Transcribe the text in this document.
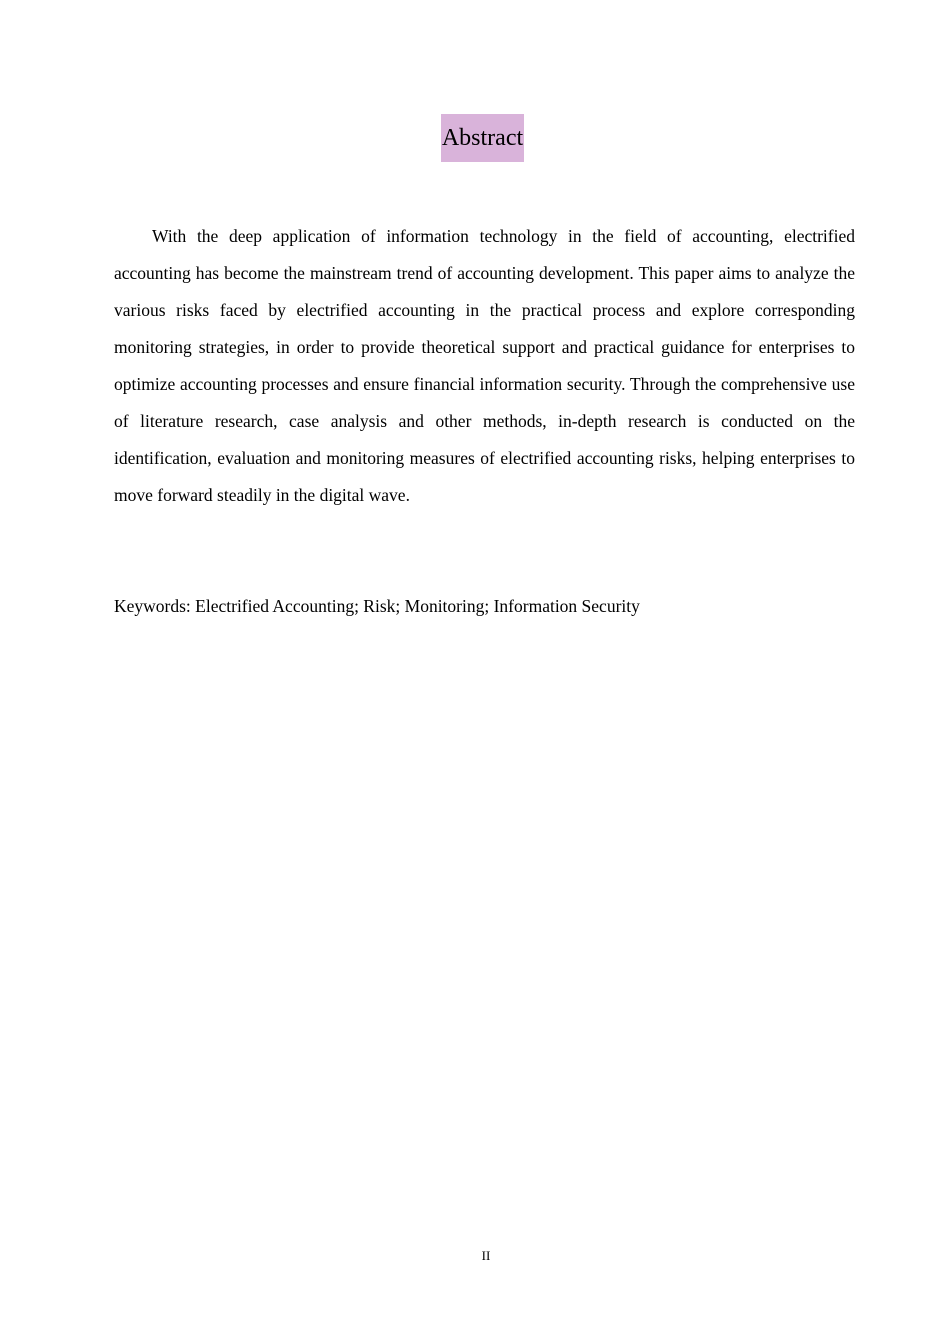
Abstract

With the deep application of information technology in the field of accounting, electrified accounting has become the mainstream trend of accounting development. This paper aims to analyze the various risks faced by electrified accounting in the practical process and explore corresponding monitoring strategies, in order to provide theoretical support and practical guidance for enterprises to optimize accounting processes and ensure financial information security. Through the comprehensive use of literature research, case analysis and other methods, in-depth research is conducted on the identification, evaluation and monitoring measures of electrified accounting risks, helping enterprises to move forward steadily in the digital wave.

Keywords: Electrified Accounting; Risk; Monitoring; Information Security

II
